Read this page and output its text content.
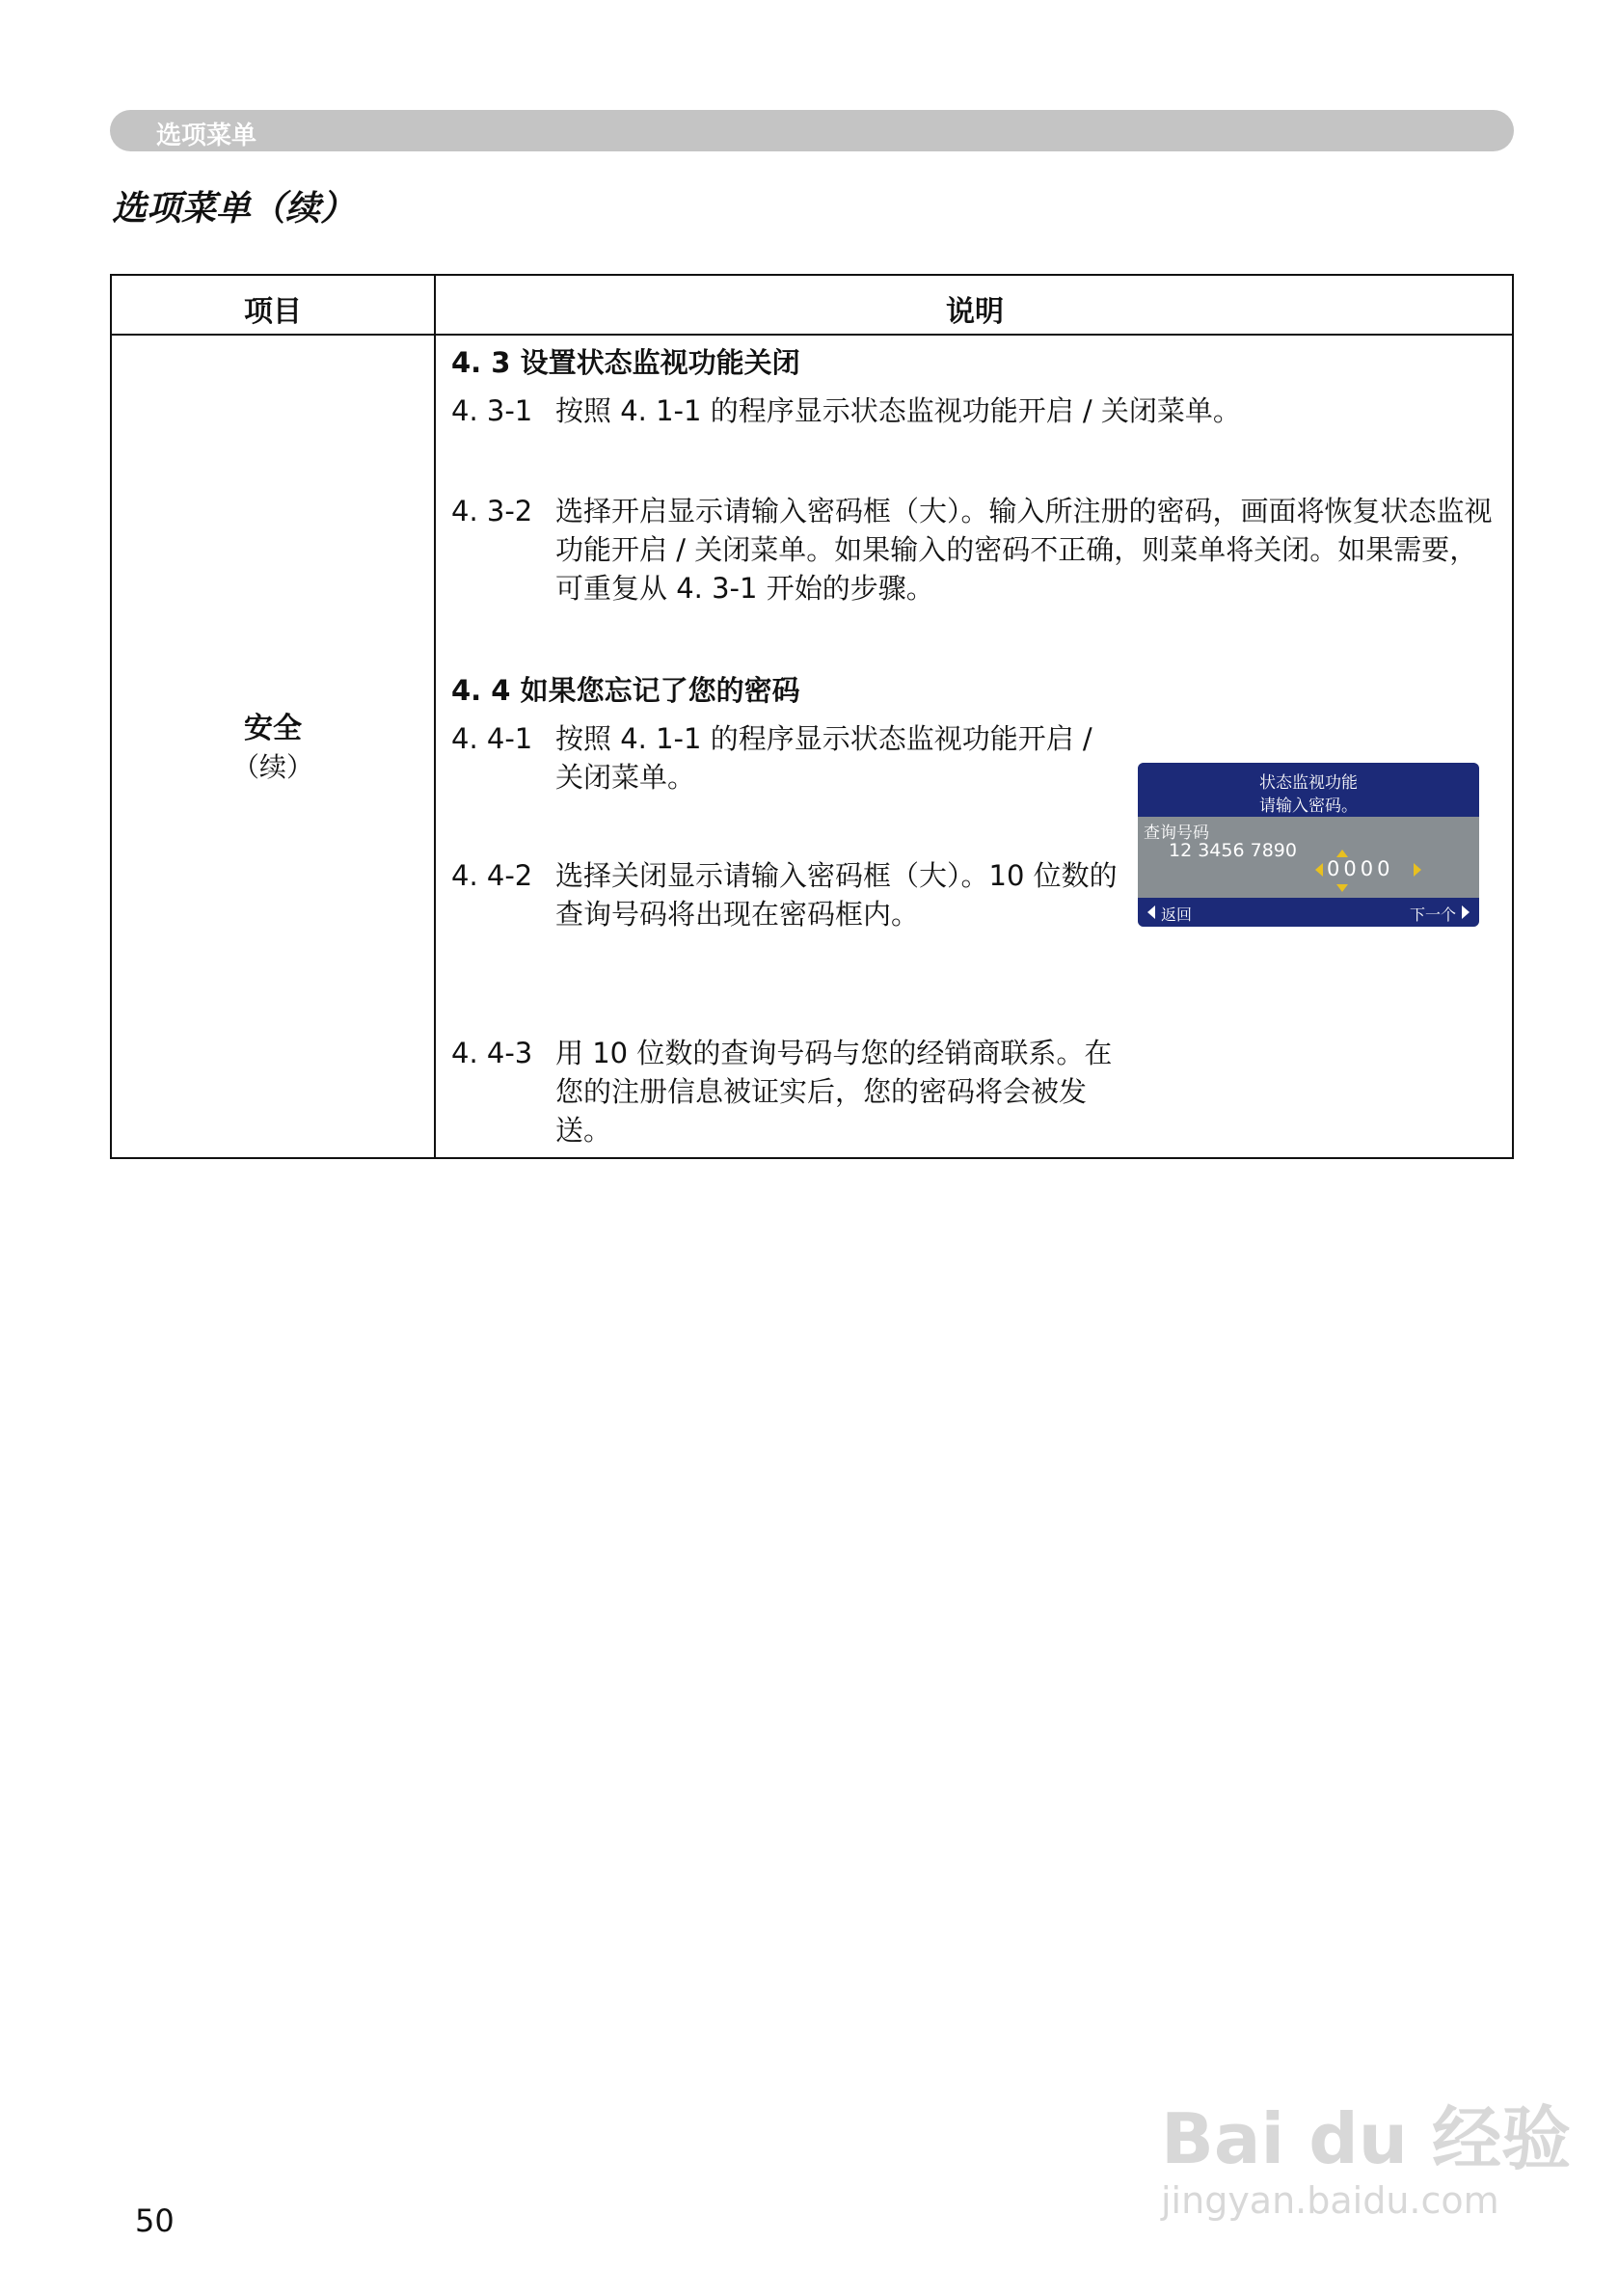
选项菜单
选项菜单（续）
项目	说明
安全
（续）
4. 3 设置状态监视功能关闭
4. 3-1 按照 4. 1-1 的程序显示状态监视功能开启 / 关闭菜单。
4. 3-2 选择开启显示请输入密码框（大）。输入所注册的密码，画面将恢复状态监视功能开启 / 关闭菜单。如果输入的密码不正确，则菜单将关闭。如果需要，可重复从 4. 3-1 开始的步骤。
4. 4 如果您忘记了您的密码
4. 4-1 按照 4. 1-1 的程序显示状态监视功能开启 / 关闭菜单。
4. 4-2 选择关闭显示请输入密码框（大）。10 位数的查询号码将出现在密码框内。
4. 4-3 用 10 位数的查询号码与您的经销商联系。在您的注册信息被证实后，您的密码将会被发送。
状态监视功能
请输入密码。
查询号码
12 3456 7890
0000
返回	下一个
50
Bai du 经验
jingyan.baidu.com
